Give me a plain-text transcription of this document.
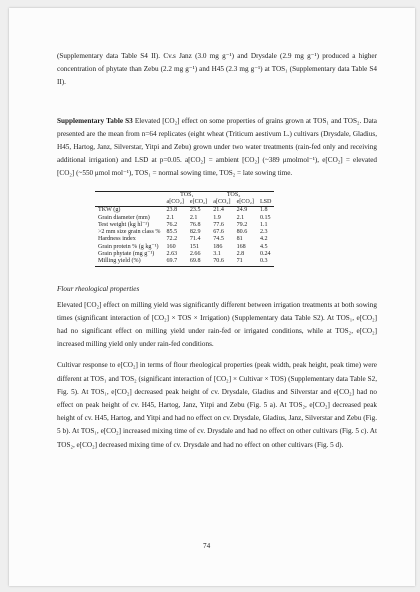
(Supplementary data Table S4 II). Cv.s Janz (3.0 mg g⁻¹) and Drysdale (2.9 mg g⁻¹) produced a higher concentration of phytate than Zebu (2.2 mg g⁻¹) and H45 (2.3 mg g⁻¹) at TOS₁ (Supplementary data Table S4 II).

Supplementary Table S3 Elevated [CO₂] effect on some properties of grains grown at TOS₁ and TOS₂. Data presented are the mean from n=64 replicates (eight wheat (Triticum aestivum L.) cultivars (Drysdale, Gladius, H45, Hartog, Janz, Silverstar, Yitpi and Zebu) grown under two water treatments (rain-fed only and receiving additional irrigation) and LSD at p=0.05. a[CO₂] = ambient [CO₂] (~389 μmolmol⁻¹), e[CO₂] = elevated [CO₂] (~550 μmol mol⁻¹), TOS₁ = normal sowing time, TOS₂ = late sowing time.

	TOS₁		TOS₂		
	a[CO₂]	e[CO₂]	a[CO₂]	e[CO₂]	LSD
TKW (g)	23.8	23.5	21.4	24.9	1.8
Grain diameter (mm)	2.1	2.1	1.9	2.1	0.15
Test weight (kg hl⁻¹)	76.2	76.8	77.6	79.2	1.1
>2 mm size grain class %	85.5	82.9	67.6	80.6	2.3
Hardness index	72.2	71.4	74.5	81	4.2
Grain protein % (g kg⁻¹)	160	151	186	168	4.5
Grain phytate (mg g⁻¹)	2.63	2.66	3.1	2.8	0.24
Milling yield (%)	69.7	69.8	70.6	71	0.3
Flour rheological properties

Elevated [CO₂] effect on milling yield was significantly different between irrigation treatments at both sowing times (significant interaction of [CO₂] × TOS × Irrigation) (Supplementary data Table S2). At TOS₁, e[CO₂] had no significant effect on milling yield under rain-fed or irrigated conditions, while at TOS₂, e[CO₂] increased milling yield only under rain-fed conditions.

Cultivar response to e[CO₂] in terms of flour rheological properties (peak width, peak height, peak time) were different at TOS₁ and TOS₂ (significant interaction of [CO₂] × Cultivar × TOS) (Supplementary data Table S2, Fig. 5). At TOS₁, e[CO₂] decreased peak height of cv. Drysdale, Gladius and Silverstar and e[CO₂] had no effect on peak height of cv. H45, Hartog, Janz, Yitpi and Zebu (Fig. 5 a). At TOS₂, e[CO₂] decreased peak height of cv. H45, Hartog, and Yitpi and had no effect on cv. Drysdale, Gladius, Janz, Silverstar and Zebu (Fig. 5 b). At TOS₁, e[CO₂] increased mixing time of cv. Drysdale and had no effect on other cultivars (Fig. 5 c). At TOS₂, e[CO₂] decreased mixing time of cv. Drysdale and had no effect on other cultivars (Fig. 5 d).

74
